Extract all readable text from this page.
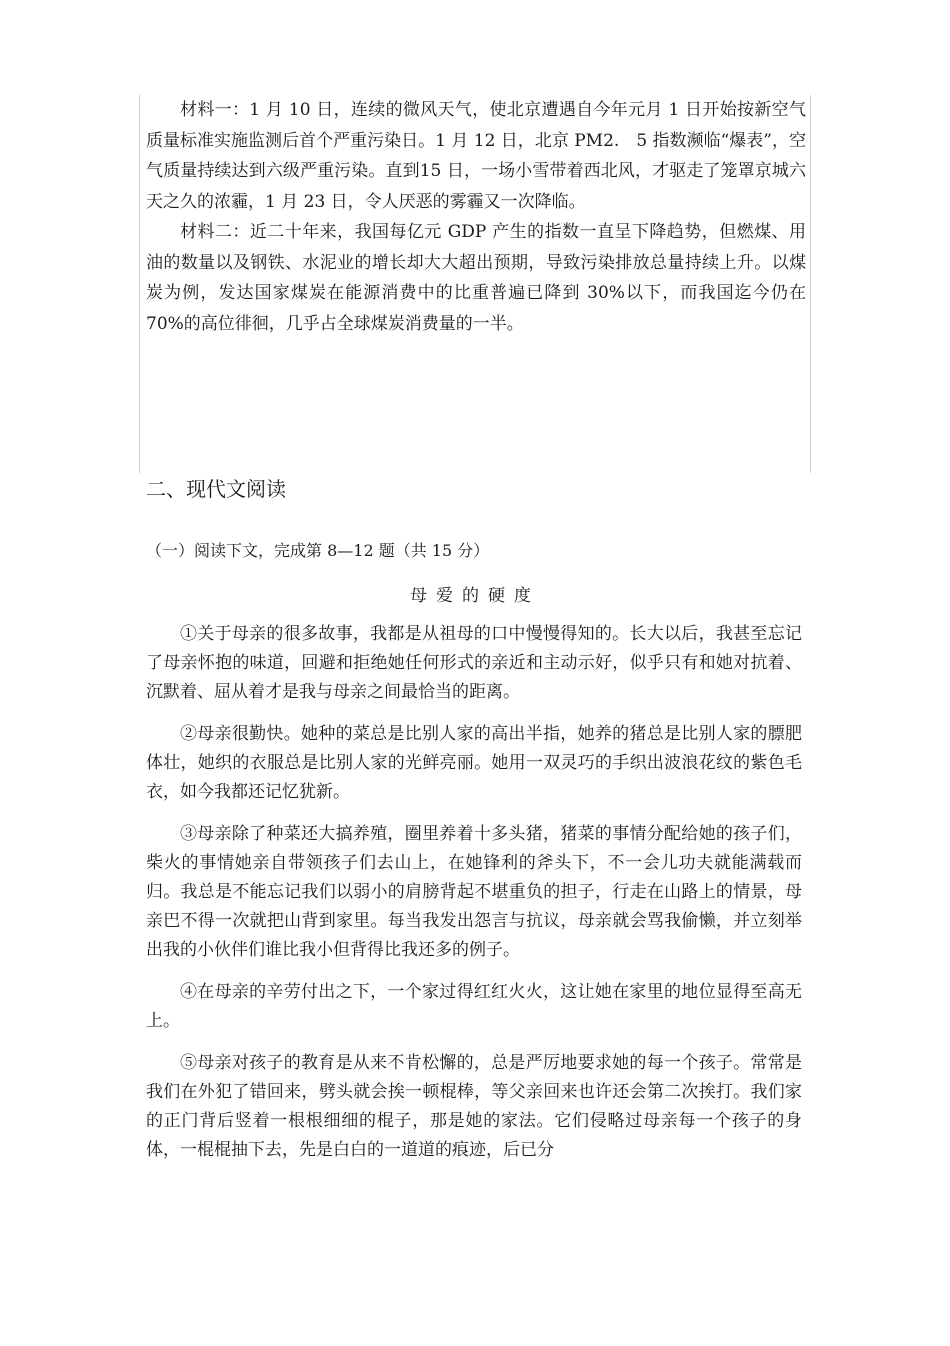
材料一：1 月 10 日，连续的微风天气，使北京遭遇自今年元月 1 日开始按新空气质量标准实施监测后首个严重污染日。1 月 12 日，北京 PM2.　5 指数濒临“爆表”，空气质量持续达到六级严重污染。直到15 日，一场小雪带着西北风，才驱走了笼罩京城六天之久的浓霾，1 月 23 日，令人厌恶的雾霾又一次降临。

材料二：近二十年来，我国每亿元 GDP 产生的指数一直呈下降趋势，但燃煤、用油的数量以及钢铁、水泥业的增长却大大超出预期，导致污染排放总量持续上升。以煤炭为例，发达国家煤炭在能源消费中的比重普遍已降到 30%以下，而我国迄今仍在 70%的高位徘徊，几乎占全球煤炭消费量的一半。

二、现代文阅读
（一）阅读下文，完成第 8—12 题（共 15 分）
母爱的硬度

①关于母亲的很多故事，我都是从祖母的口中慢慢得知的。长大以后，我甚至忘记了母亲怀抱的味道，回避和拒绝她任何形式的亲近和主动示好，似乎只有和她对抗着、沉默着、屈从着才是我与母亲之间最恰当的距离。

②母亲很勤快。她种的菜总是比别人家的高出半指，她养的猪总是比别人家的膘肥体壮，她织的衣服总是比别人家的光鲜亮丽。她用一双灵巧的手织出波浪花纹的紫色毛衣，如今我都还记忆犹新。

③母亲除了种菜还大搞养殖，圈里养着十多头猪，猪菜的事情分配给她的孩子们，柴火的事情她亲自带领孩子们去山上，在她锋利的斧头下，不一会儿功夫就能满载而归。我总是不能忘记我们以弱小的肩膀背起不堪重负的担子，行走在山路上的情景，母亲巴不得一次就把山背到家里。每当我发出怨言与抗议，母亲就会骂我偷懒，并立刻举出我的小伙伴们谁比我小但背得比我还多的例子。

④在母亲的辛劳付出之下，一个家过得红红火火，这让她在家里的地位显得至高无上。

⑤母亲对孩子的教育是从来不肯松懈的，总是严厉地要求她的每一个孩子。常常是我们在外犯了错回来，劈头就会挨一顿棍棒，等父亲回来也许还会第二次挨打。我们家的正门背后竖着一根根细细的棍子，那是她的家法。它们侵略过母亲每一个孩子的身体，一棍棍抽下去，先是白白的一道道的痕迹，后已分
